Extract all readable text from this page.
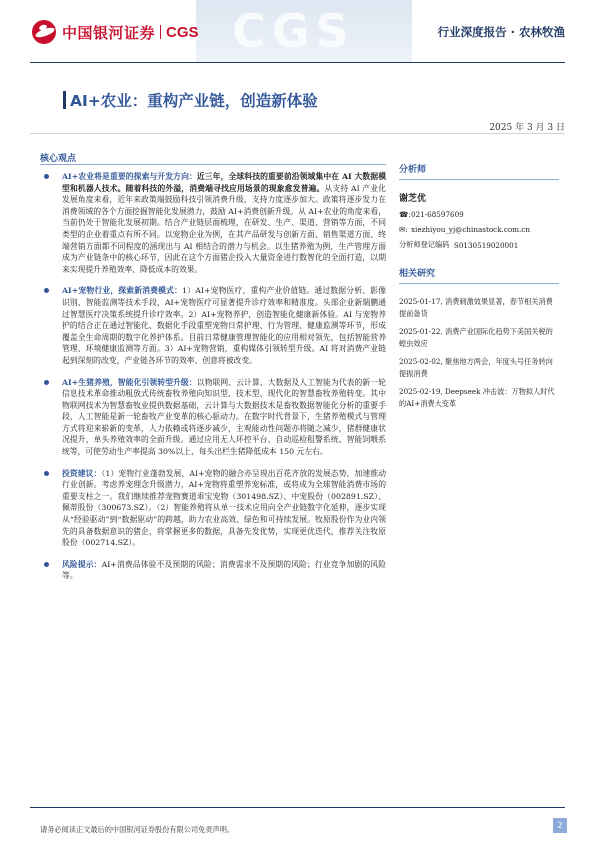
CGS
中国银河证券 CGS	行业深度报告 · 农林牧渔
AI+农业：重构产业链，创造新体验
2025 年 3 月 3 日
核心观点
AI+农业将是重要的探索与开发方向：近三年，全球科技的重要前沿领域集中在 AI 大数据模型和机器人技术。随着科技的外溢，消费端寻找应用场景的现象愈发普遍。从支持 AI 产业化发展角度来看，近年来政策端鼓励科技引领消费升级，支持力度逐步加大。政策将逐步发力在消费领域的各个方面挖掘智能化发展潜力，鼓励 AI+消费创新升级。从 AI+农业的角度来看，当前仍处于智能化发展初期。结合产业链层面梳理，在研发、生产、渠道、营销等方面，不同类型的企业着重点有所不同。以宠物企业为例，在其产品研发与创新方面、销售渠道方面、终端营销方面都不同程度的涵现出与 AI 相结合的潜力与机会。以生猪养殖为例，生产管理方面成为产业链条中的核心环节，因此在这个方面猪企投入大量资金进行数智化的全面打造，以期来实现提升养殖效率、降低成本的效果。
AI+宠物行业，探索新消费模式：1）AI+宠物医疗，重构产业价值链。通过数据分析、影像识别、智能监测等技术手段，AI+宠物医疗可显著提升诊疗效率和精准度。头部企业新瑞鹏通过智慧医疗决策系统提升诊疗效率。2）AI+宠物养护，创造智能化健康新体验。AI 与宠物养护的结合正在通过智能化、数据化手段重塑宠物日常护理、行为管理、健康监测等环节，形成覆盖全生命周期的数字化养护体系。目前日常健康管理智能化的应用相对领先，包括智能营养管理、环境健康监测等方面。3）AI+宠物营销，重构媒体引领转型升级。AI 将对消费产业链起到深刻的改变，产业链各环节的效率、创意将被改变。
AI+生猪养殖，智能化引领转型升级：以物联网、云计算、大数据及人工智能为代表的新一轮信息技术革命推动粗放式传统畜牧养殖向知识型、技术型、现代化的智慧畜牧养殖转变。其中物联网技术为智慧畜牧业提供数据基础，云计算与大数据技术是畜牧数据智能化分析的重要手段，人工智能是新一轮畜牧产业变革的核心驱动力。在数字时代背景下，生猪养殖模式与管理方式将迎来崭新的变革，人力依赖或将逐步减少，主观能动性问题亦将随之减少，猪群健康状况提升，单头养殖效率的全面升级。通过应用无人环控平台、自动巡检租警系统、智能饲喂系统等，可使劳动生产率提高 30%以上，每头出栏生猪降低成本 150 元左右。
投资建议：（1）宠物行业蓬勃发展，AI+宠物的融合亦呈现出百花齐放的发展态势，加速推动行业创新。考虑养宠理念升级潜力，AI+宠物将重塑养宠标准，或将成为全球智能消费市场的重要支柱之一。我们继续推荐宠物赛道乖宝宠物（301498.SZ）、中宠股份（002891.SZ）、佩蒂股份（300673.SZ）。（2）智能养殖将从单一技术应用向全产业链数字化延伸，逐步实现从“经验驱动”到“数据驱动”的跨越，助力农业高效、绿色和可持续发展。牧原股份作为业内领先的具备数据意识的猪企，将掌握更多的数据，具备先发优势，实现更优迭代，推荐关注牧原股份（002714.SZ）。
风险提示：AI+消费品体验不及预期的风险；消费需求不及预期的风险；行业竞争加剧的风险等。
分析师
谢芝优
☎: 021-68597609
✉: xiezhiyou_yj@chinastock.com.cn
分析师登记编码
S0130519020001
相关研究
2025-01-17, 消费刺激效果显著，春节相关消费提前备货
2025-01-22, 消费产业国际化趋势下美国关税的蝗虫效应
2025-02-02, 聚焦地方两会，年度头号任务转向提振消费
2025-02-19, Deepseek 冲击波：万物拟人时代的AI+消费大变革
请务必阅读正文最后的中国银河证券股份有限公司免责声明。	2
